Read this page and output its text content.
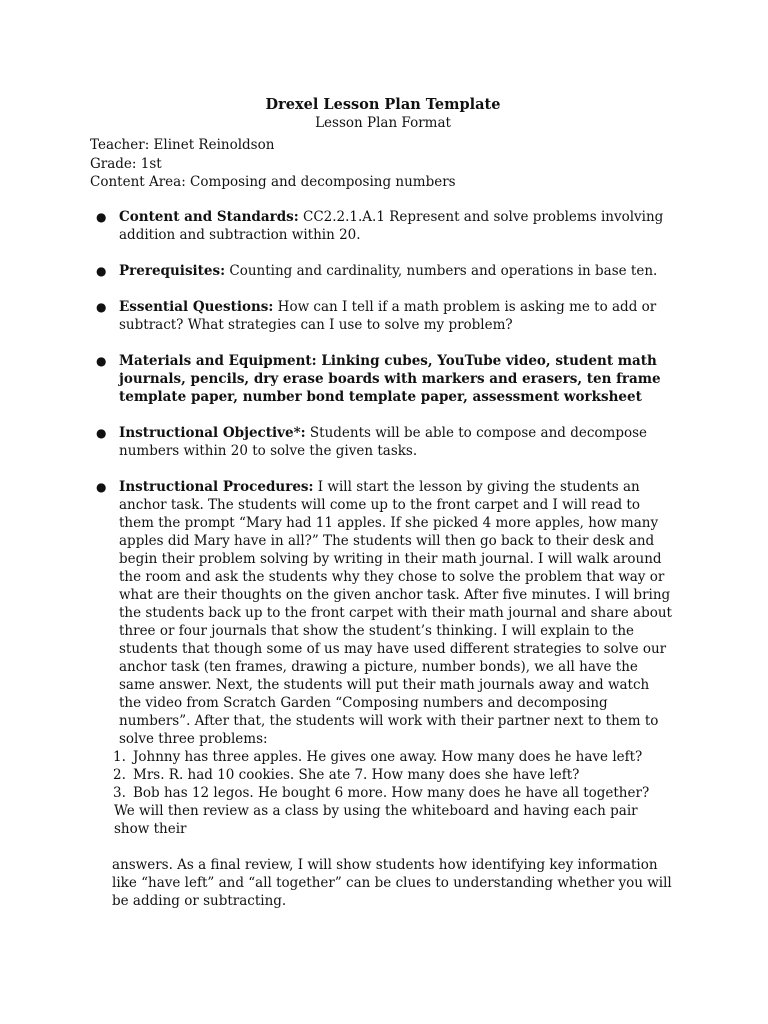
Drexel Lesson Plan Template

Lesson Plan Format

Teacher: Elinet Reinoldson

Grade: 1st

Content Area: Composing and decomposing numbers

● Content and Standards: CC2.2.1.A.1 Represent and solve problems involving addition and subtraction within 20.
● Prerequisites: Counting and cardinality, numbers and operations in base ten.
● Essential Questions: How can I tell if a math problem is asking me to add or subtract? What strategies can I use to solve my problem?
● Materials and Equipment: Linking cubes, YouTube video, student math journals, pencils, dry erase boards with markers and erasers, ten frame template paper, number bond template paper, assessment worksheet
● Instructional Objective*: Students will be able to compose and decompose numbers within 20 to solve the given tasks.
● Instructional Procedures: I will start the lesson by giving the students an anchor task. The students will come up to the front carpet and I will read to them the prompt “Mary had 11 apples. If she picked 4 more apples, how many apples did Mary have in all?” The students will then go back to their desk and begin their problem solving by writing in their math journal. I will walk around the room and ask the students why they chose to solve the problem that way or what are their thoughts on the given anchor task. After five minutes. I will bring the students back up to the front carpet with their math journal and share about three or four journals that show the student’s thinking. I will explain to the students that though some of us may have used different strategies to solve our anchor task (ten frames, drawing a picture, number bonds), we all have the same answer. Next, the students will put their math journals away and watch the video from Scratch Garden “Composing numbers and decomposing numbers”. After that, the students will work with their partner next to them to solve three problems:
1. Johnny has three apples. He gives one away. How many does he have left?
2. Mrs. R. had 10 cookies. She ate 7. How many does she have left?
3. Bob has 12 legos. He bought 6 more. How many does he have all together?

We will then review as a class by using the whiteboard and having each pair show their

answers. As a final review, I will show students how identifying key information like “have left” and “all together” can be clues to understanding whether you will be adding or subtracting.
